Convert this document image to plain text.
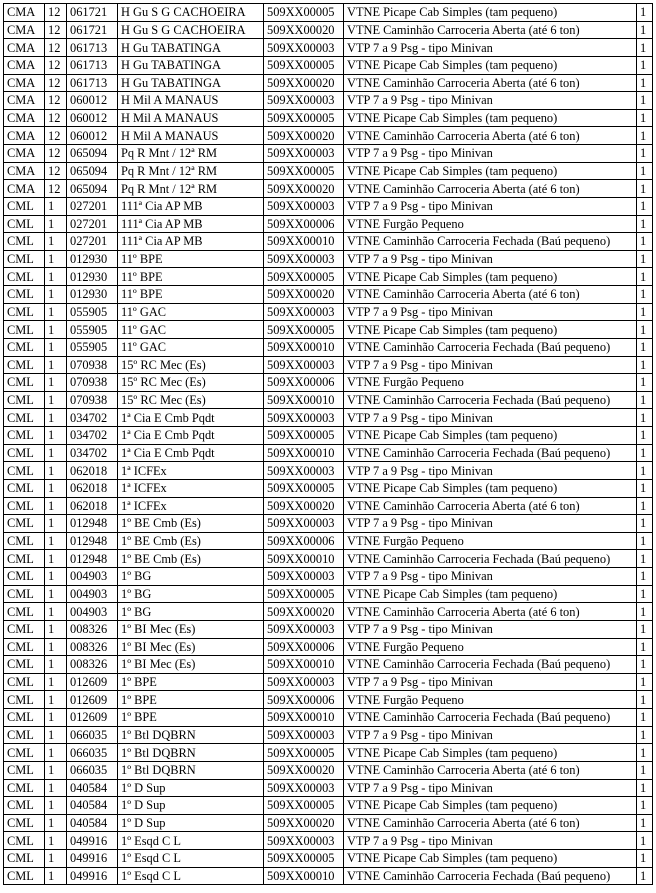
CMA	12	061721	H Gu S G CACHOEIRA	509XX00005	VTNE Picape Cab Simples (tam pequeno)	1
CMA	12	061721	H Gu S G CACHOEIRA	509XX00020	VTNE Caminhão Carroceria Aberta (até 6 ton)	1
CMA	12	061713	H Gu TABATINGA	509XX00003	VTP 7 a 9 Psg - tipo Minivan	1
CMA	12	061713	H Gu TABATINGA	509XX00005	VTNE Picape Cab Simples (tam pequeno)	1
CMA	12	061713	H Gu TABATINGA	509XX00020	VTNE Caminhão Carroceria Aberta (até 6 ton)	1
CMA	12	060012	H Mil A MANAUS	509XX00003	VTP 7 a 9 Psg - tipo Minivan	1
CMA	12	060012	H Mil A MANAUS	509XX00005	VTNE Picape Cab Simples (tam pequeno)	1
CMA	12	060012	H Mil A MANAUS	509XX00020	VTNE Caminhão Carroceria Aberta (até 6 ton)	1
CMA	12	065094	Pq R Mnt / 12ª RM	509XX00003	VTP 7 a 9 Psg - tipo Minivan	1
CMA	12	065094	Pq R Mnt / 12ª RM	509XX00005	VTNE Picape Cab Simples (tam pequeno)	1
CMA	12	065094	Pq R Mnt / 12ª RM	509XX00020	VTNE Caminhão Carroceria Aberta (até 6 ton)	1
CML	1	027201	111ª Cia AP MB	509XX00003	VTP 7 a 9 Psg - tipo Minivan	1
CML	1	027201	111ª Cia AP MB	509XX00006	VTNE Furgão Pequeno	1
CML	1	027201	111ª Cia AP MB	509XX00010	VTNE Caminhão Carroceria Fechada (Baú pequeno)	1
CML	1	012930	11º BPE	509XX00003	VTP 7 a 9 Psg - tipo Minivan	1
CML	1	012930	11º BPE	509XX00005	VTNE Picape Cab Simples (tam pequeno)	1
CML	1	012930	11º BPE	509XX00020	VTNE Caminhão Carroceria Aberta (até 6 ton)	1
CML	1	055905	11º GAC	509XX00003	VTP 7 a 9 Psg - tipo Minivan	1
CML	1	055905	11º GAC	509XX00005	VTNE Picape Cab Simples (tam pequeno)	1
CML	1	055905	11º GAC	509XX00010	VTNE Caminhão Carroceria Fechada (Baú pequeno)	1
CML	1	070938	15º RC Mec (Es)	509XX00003	VTP 7 a 9 Psg - tipo Minivan	1
CML	1	070938	15º RC Mec (Es)	509XX00006	VTNE Furgão Pequeno	1
CML	1	070938	15º RC Mec (Es)	509XX00010	VTNE Caminhão Carroceria Fechada (Baú pequeno)	1
CML	1	034702	1ª Cia E Cmb Pqdt	509XX00003	VTP 7 a 9 Psg - tipo Minivan	1
CML	1	034702	1ª Cia E Cmb Pqdt	509XX00005	VTNE Picape Cab Simples (tam pequeno)	1
CML	1	034702	1ª Cia E Cmb Pqdt	509XX00010	VTNE Caminhão Carroceria Fechada (Baú pequeno)	1
CML	1	062018	1ª ICFEx	509XX00003	VTP 7 a 9 Psg - tipo Minivan	1
CML	1	062018	1ª ICFEx	509XX00005	VTNE Picape Cab Simples (tam pequeno)	1
CML	1	062018	1ª ICFEx	509XX00020	VTNE Caminhão Carroceria Aberta (até 6 ton)	1
CML	1	012948	1º BE Cmb (Es)	509XX00003	VTP 7 a 9 Psg - tipo Minivan	1
CML	1	012948	1º BE Cmb (Es)	509XX00006	VTNE Furgão Pequeno	1
CML	1	012948	1º BE Cmb (Es)	509XX00010	VTNE Caminhão Carroceria Fechada (Baú pequeno)	1
CML	1	004903	1º BG	509XX00003	VTP 7 a 9 Psg - tipo Minivan	1
CML	1	004903	1º BG	509XX00005	VTNE Picape Cab Simples (tam pequeno)	1
CML	1	004903	1º BG	509XX00020	VTNE Caminhão Carroceria Aberta (até 6 ton)	1
CML	1	008326	1º BI Mec (Es)	509XX00003	VTP 7 a 9 Psg - tipo Minivan	1
CML	1	008326	1º BI Mec (Es)	509XX00006	VTNE Furgão Pequeno	1
CML	1	008326	1º BI Mec (Es)	509XX00010	VTNE Caminhão Carroceria Fechada (Baú pequeno)	1
CML	1	012609	1º BPE	509XX00003	VTP 7 a 9 Psg - tipo Minivan	1
CML	1	012609	1º BPE	509XX00006	VTNE Furgão Pequeno	1
CML	1	012609	1º BPE	509XX00010	VTNE Caminhão Carroceria Fechada (Baú pequeno)	1
CML	1	066035	1º Btl DQBRN	509XX00003	VTP 7 a 9 Psg - tipo Minivan	1
CML	1	066035	1º Btl DQBRN	509XX00005	VTNE Picape Cab Simples (tam pequeno)	1
CML	1	066035	1º Btl DQBRN	509XX00020	VTNE Caminhão Carroceria Aberta (até 6 ton)	1
CML	1	040584	1º D Sup	509XX00003	VTP 7 a 9 Psg - tipo Minivan	1
CML	1	040584	1º D Sup	509XX00005	VTNE Picape Cab Simples (tam pequeno)	1
CML	1	040584	1º D Sup	509XX00020	VTNE Caminhão Carroceria Aberta (até 6 ton)	1
CML	1	049916	1º Esqd C L	509XX00003	VTP 7 a 9 Psg - tipo Minivan	1
CML	1	049916	1º Esqd C L	509XX00005	VTNE Picape Cab Simples (tam pequeno)	1
CML	1	049916	1º Esqd C L	509XX00010	VTNE Caminhão Carroceria Fechada (Baú pequeno)	1
